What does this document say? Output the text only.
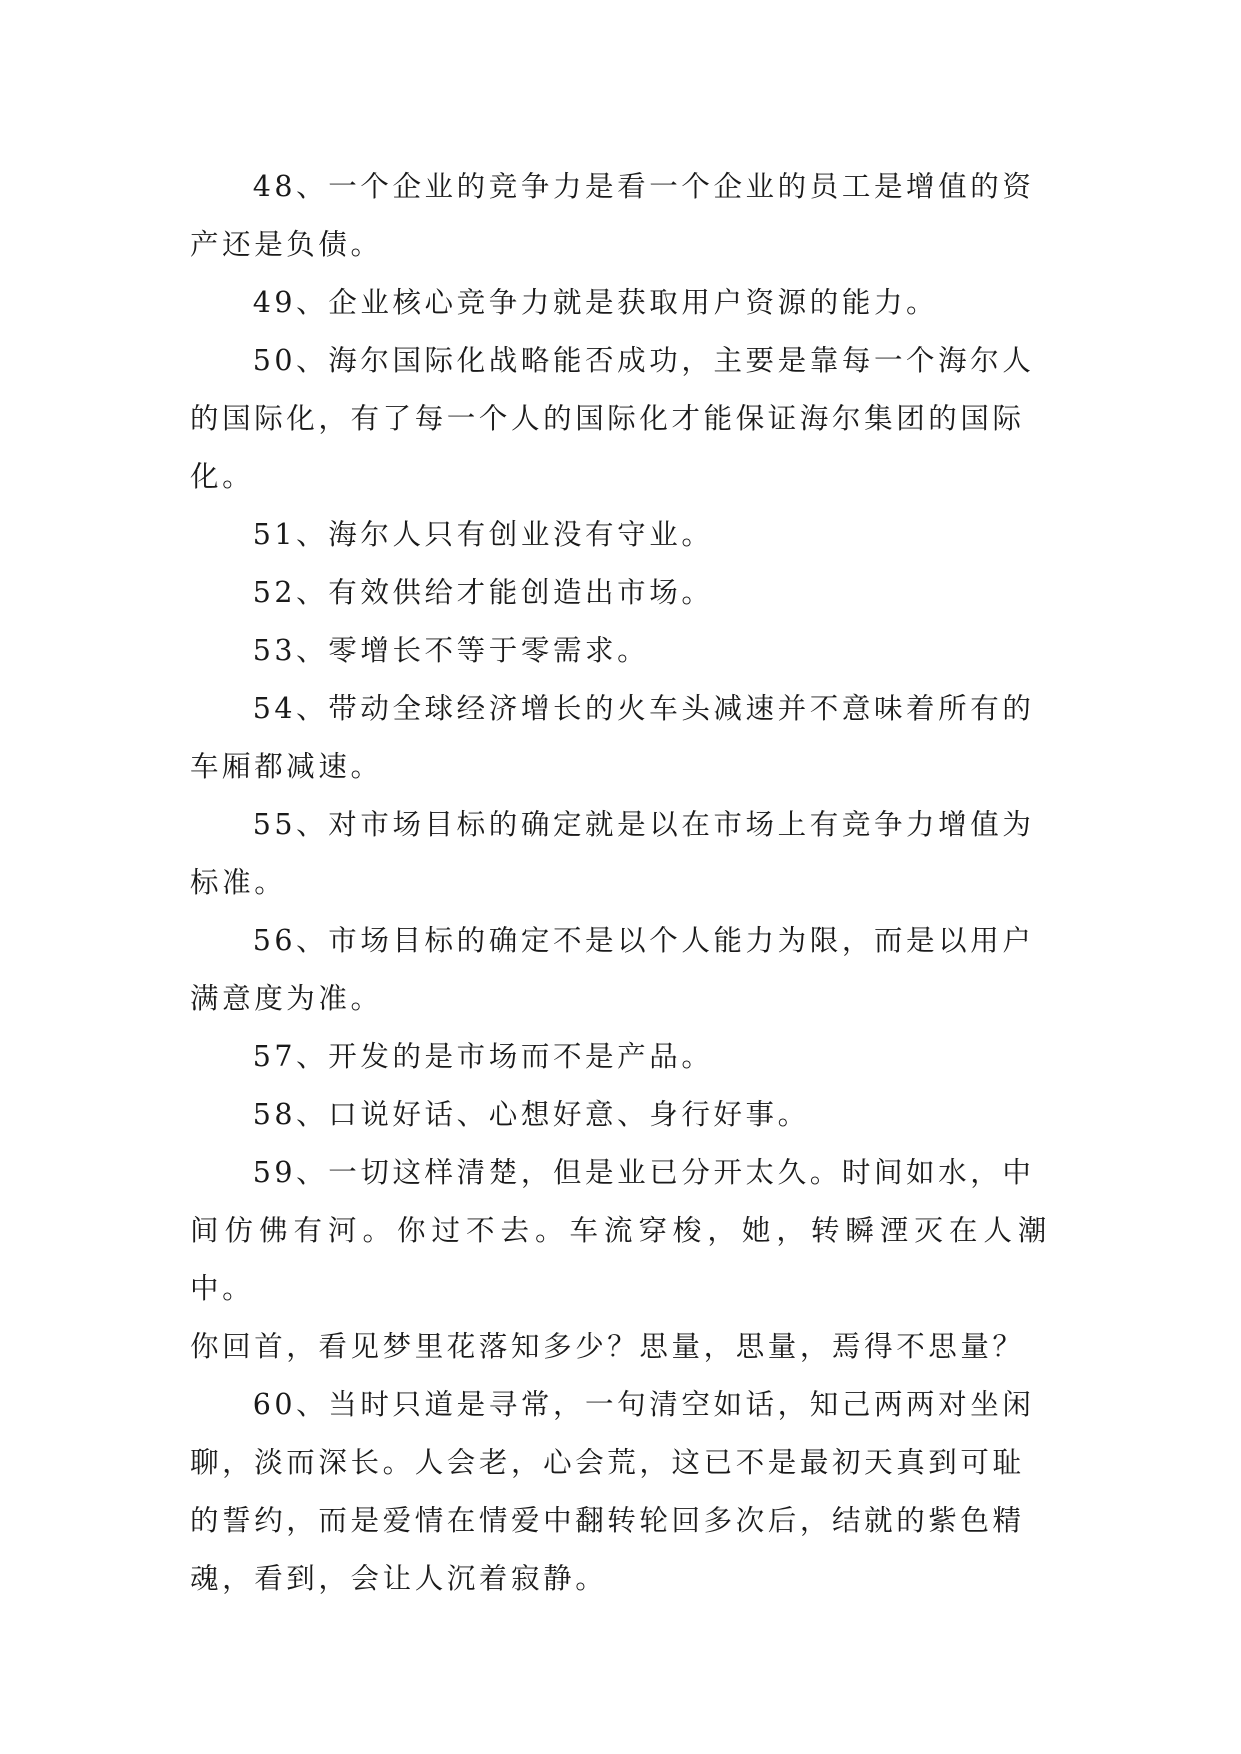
48、一个企业的竞争力是看一个企业的员工是增值的资
产还是负债。

49、企业核心竞争力就是获取用户资源的能力。

50、海尔国际化战略能否成功，主要是靠每一个海尔人
的国际化，有了每一个人的国际化才能保证海尔集团的国际
化。

51、海尔人只有创业没有守业。

52、有效供给才能创造出市场。

53、零增长不等于零需求。

54、带动全球经济增长的火车头减速并不意味着所有的
车厢都减速。

55、对市场目标的确定就是以在市场上有竞争力增值为
标准。

56、市场目标的确定不是以个人能力为限，而是以用户
满意度为准。

57、开发的是市场而不是产品。

58、口说好话、心想好意、身行好事。

59、一切这样清楚，但是业已分开太久。时间如水，中
间仿佛有河。你过不去。车流穿梭，她，转瞬湮灭在人潮中。
你回首，看见梦里花落知多少？思量，思量，焉得不思量？

60、当时只道是寻常，一句清空如话，知己两两对坐闲
聊，淡而深长。人会老，心会荒，这已不是最初天真到可耻
的誓约，而是爱情在情爱中翻转轮回多次后，结就的紫色精
魂，看到，会让人沉着寂静。
